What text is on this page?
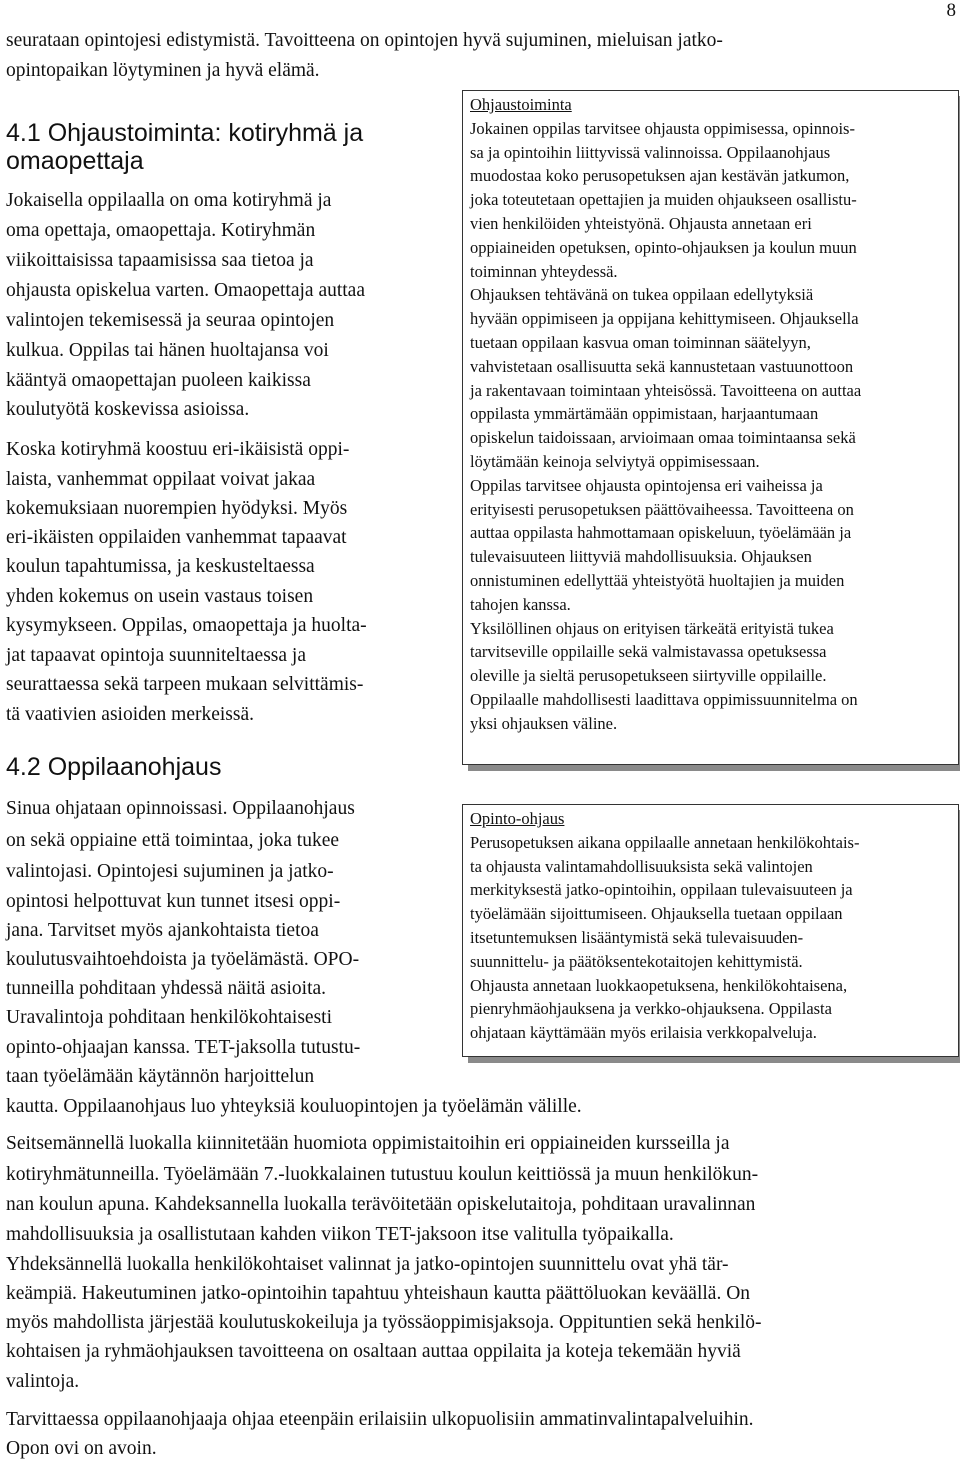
8
seurataan opintojesi edistymistä. Tavoitteena on opintojen hyvä sujuminen, mieluisan jatko-
opintopaikan löytyminen ja hyvä elämä.
4.1 Ohjaustoiminta: kotiryhmä ja
omaopettaja
Jokaisella oppilaalla on oma kotiryhmä ja
oma opettaja, omaopettaja. Kotiryhmän
viikoittaisissa tapaamisissa saa tietoa ja
ohjausta opiskelua varten. Omaopettaja auttaa
valintojen tekemisessä ja seuraa opintojen
kulkua. Oppilas tai hänen huoltajansa voi
kääntyä omaopettajan puoleen kaikissa
koulutyötä koskevissa asioissa.
Koska kotiryhmä koostuu eri-ikäisistä oppi-
laista, vanhemmat oppilaat voivat jakaa
kokemuksiaan nuorempien hyödyksi. Myös
eri-ikäisten oppilaiden vanhemmat tapaavat
koulun tapahtumissa, ja keskusteltaessa
yhden kokemus on usein vastaus toisen
kysymykseen. Oppilas, omaopettaja ja huolta-
jat tapaavat opintoja suunniteltaessa ja
seurattaessa sekä tarpeen mukaan selvittämis-
tä vaativien asioiden merkeissä.
4.2 Oppilaanohjaus
Sinua ohjataan opinnoissasi. Oppilaanohjaus
on sekä oppiaine että toimintaa, joka tukee
valintojasi. Opintojesi sujuminen ja jatko-
opintosi helpottuvat kun tunnet itsesi oppi-
jana. Tarvitset myös ajankohtaista tietoa
koulutusvaihtoehdoista ja työelämästä. OPO-
tunneilla pohditaan yhdessä näitä asioita.
Uravalintoja pohditaan henkilökohtaisesti
opinto-ohjaajan kanssa. TET-jaksolla tutustu-
taan työelämään käytännön harjoittelun
kautta. Oppilaanohjaus luo yhteyksiä kouluopintojen ja työelämän välille.
Seitsemännellä luokalla kiinnitetään huomiota oppimistaitoihin eri oppiaineiden kursseilla ja
kotiryhmätunneilla. Työelämään 7.-luokkalainen tutustuu koulun keittiössä ja muun henkilökun-
nan koulun apuna. Kahdeksannella luokalla terävöitetään opiskelutaitoja, pohditaan uravalinnan
mahdollisuuksia ja osallistutaan kahden viikon TET-jaksoon itse valitulla työpaikalla.
Yhdeksännellä luokalla henkilökohtaiset valinnat ja jatko-opintojen suunnittelu ovat yhä tär-
keämpiä. Hakeutuminen jatko-opintoihin tapahtuu yhteishaun kautta päättöluokan keväällä. On
myös mahdollista järjestää koulutuskokeiluja ja työssäoppimisjaksoja. Oppituntien sekä henkilö-
kohtaisen ja ryhmäohjauksen tavoitteena on osaltaan auttaa oppilaita ja koteja tekemään hyviä
valintoja.
Tarvittaessa oppilaanohjaaja ohjaa eteenpäin erilaisiin ulkopuolisiin ammatinvalintapalveluihin.
Opon ovi on avoin.
Ohjaustoiminta
Jokainen oppilas tarvitsee ohjausta oppimisessa, opinnois-
sa ja opintoihin liittyvissä valinnoissa. Oppilaanohjaus
muodostaa koko perusopetuksen ajan kestävän jatkumon,
joka toteutetaan opettajien ja muiden ohjaukseen osallistu-
vien henkilöiden yhteistyönä. Ohjausta annetaan eri
oppiaineiden opetuksen, opinto-ohjauksen ja koulun muun
toiminnan yhteydessä.
Ohjauksen tehtävänä on tukea oppilaan edellytyksiä
hyvään oppimiseen ja oppijana kehittymiseen. Ohjauksella
tuetaan oppilaan kasvua oman toiminnan säätelyyn,
vahvistetaan osallisuutta sekä kannustetaan vastuunottoon
ja rakentavaan toimintaan yhteisössä. Tavoitteena on auttaa
oppilasta ymmärtämään oppimistaan, harjaantumaan
opiskelun taidoissaan, arvioimaan omaa toimintaansa sekä
löytämään keinoja selviytyä oppimisessaan.
Oppilas tarvitsee ohjausta opintojensa eri vaiheissa ja
erityisesti perusopetuksen päättövaiheessa. Tavoitteena on
auttaa oppilasta hahmottamaan opiskeluun, työelämään ja
tulevaisuuteen liittyviä mahdollisuuksia. Ohjauksen
onnistuminen edellyttää yhteistyötä huoltajien ja muiden
tahojen kanssa.
Yksilöllinen ohjaus on erityisen tärkeätä erityistä tukea
tarvitseville oppilaille sekä valmistavassa opetuksessa
oleville ja sieltä perusopetukseen siirtyville oppilaille.
Oppilaalle mahdollisesti laadittava oppimissuunnitelma on
yksi ohjauksen väline.
Opinto-ohjaus
Perusopetuksen aikana oppilaalle annetaan henkilökohtais-
ta ohjausta valintamahdollisuuksista sekä valintojen
merkityksestä jatko-opintoihin, oppilaan tulevaisuuteen ja
työelämään sijoittumiseen. Ohjauksella tuetaan oppilaan
itsetuntemuksen lisääntymistä sekä tulevaisuuden-
suunnittelu- ja päätöksentekotaitojen kehittymistä.
Ohjausta annetaan luokkaopetuksena, henkilökohtaisena,
pienryhmäohjauksena ja verkko-ohjauksena. Oppilasta
ohjataan käyttämään myös erilaisia verkkopalveluja.
